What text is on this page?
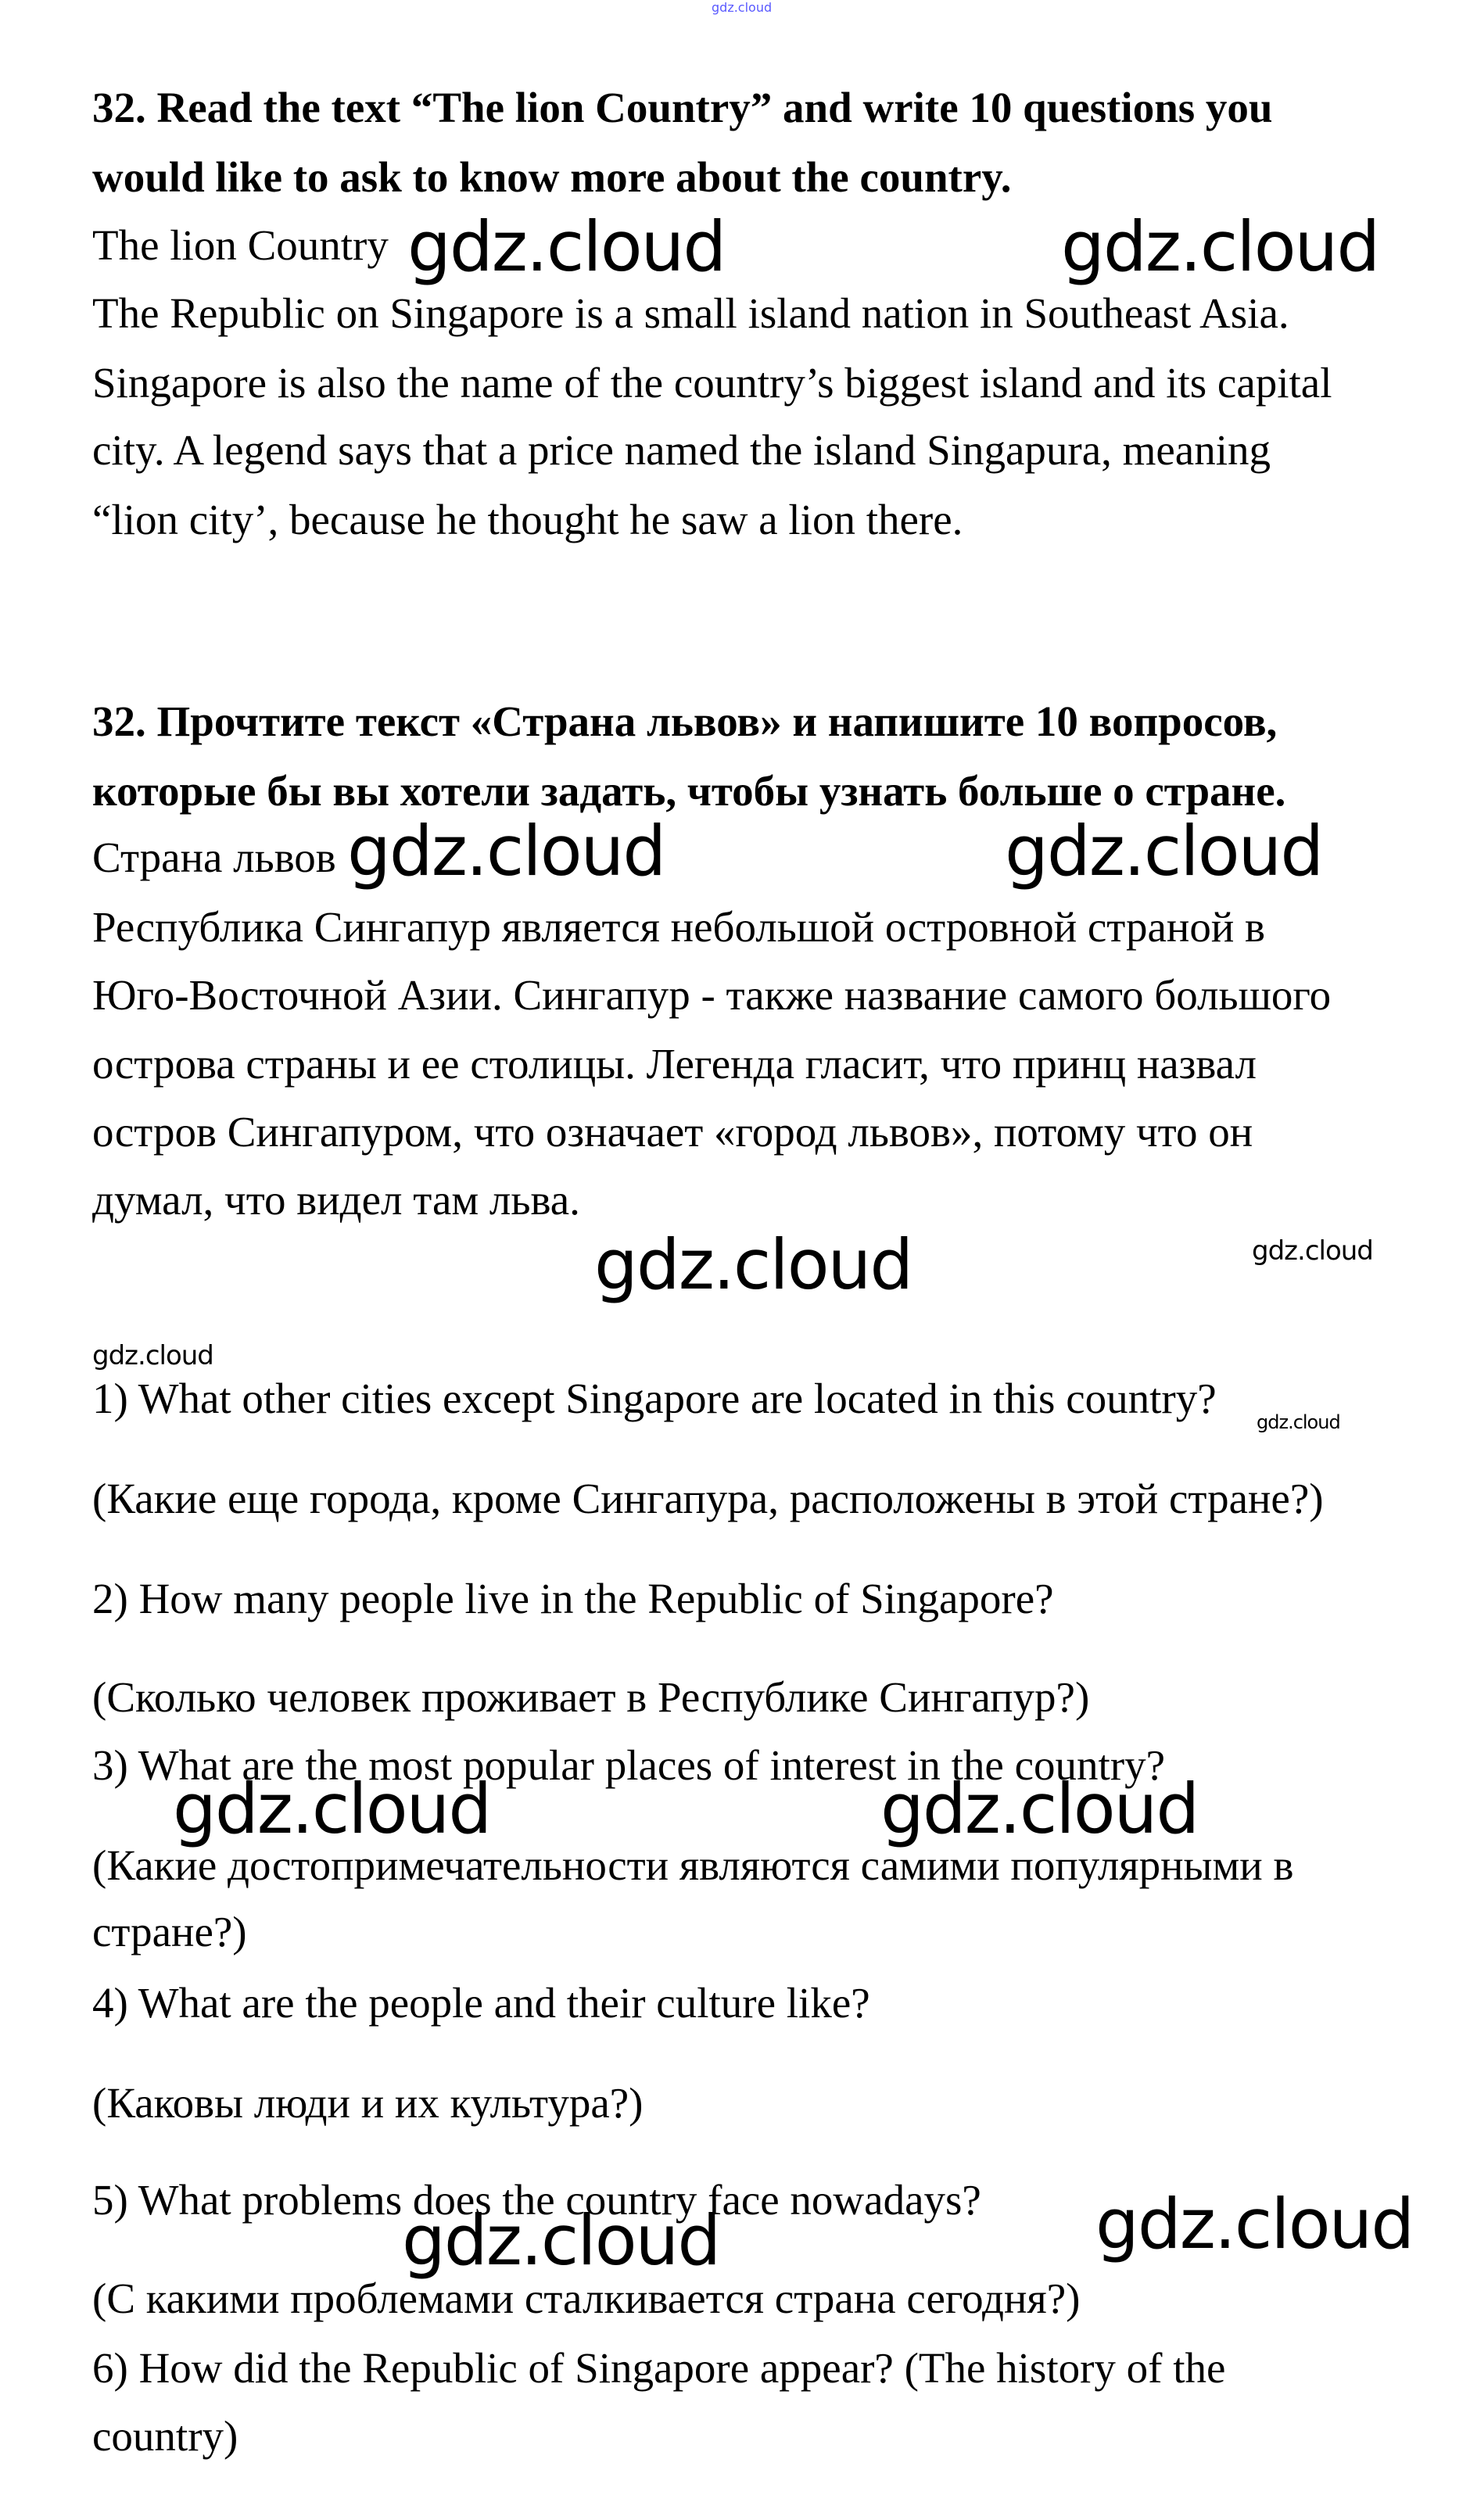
gdz.cloud
32. Read the text “The lion Country” and write 10 questions you
would like to ask to know more about the country.
The lion Country
The Republic on Singapore is a small island nation in Southeast Asia.
Singapore is also the name of the country’s biggest island and its capital
city. A legend says that a price named the island Singapura, meaning
“lion city’, because he thought he saw a lion there.
32. Прочтите текст «Страна львов» и напишите 10 вопросов,
которые бы вы хотели задать, чтобы узнать больше о стране.
Страна львов
Республика Сингапур является небольшой островной страной в
Юго-Восточной Азии. Сингапур - также название самого большого
острова страны и ее столицы. Легенда гласит, что принц назвал
остров Сингапуром, что означает «город львов», потому что он
думал, что видел там льва.
1) What other cities except Singapore are located in this country?
(Какие еще города, кроме Сингапура, расположены в этой стране?)
2) How many people live in the Republic of Singapore?
(Сколько человек проживает в Республике Сингапур?)
3) What are the most popular places of interest in the country?
(Какие достопримечательности являются самими популярными в
стране?)
4) What are the people and their culture like?
(Каковы люди и их культура?)
5) What problems does the country face nowadays?
(С какими проблемами сталкивается страна сегодня?)
6) How did the Republic of Singapore appear? (The history of the
country)
gdz.cloud	gdz.cloud
gdz.cloud	gdz.cloud
gdz.cloud	gdz.cloud
gdz.cloud
gdz.cloud
gdz.cloud	gdz.cloud
gdz.cloud
gdz.cloud
